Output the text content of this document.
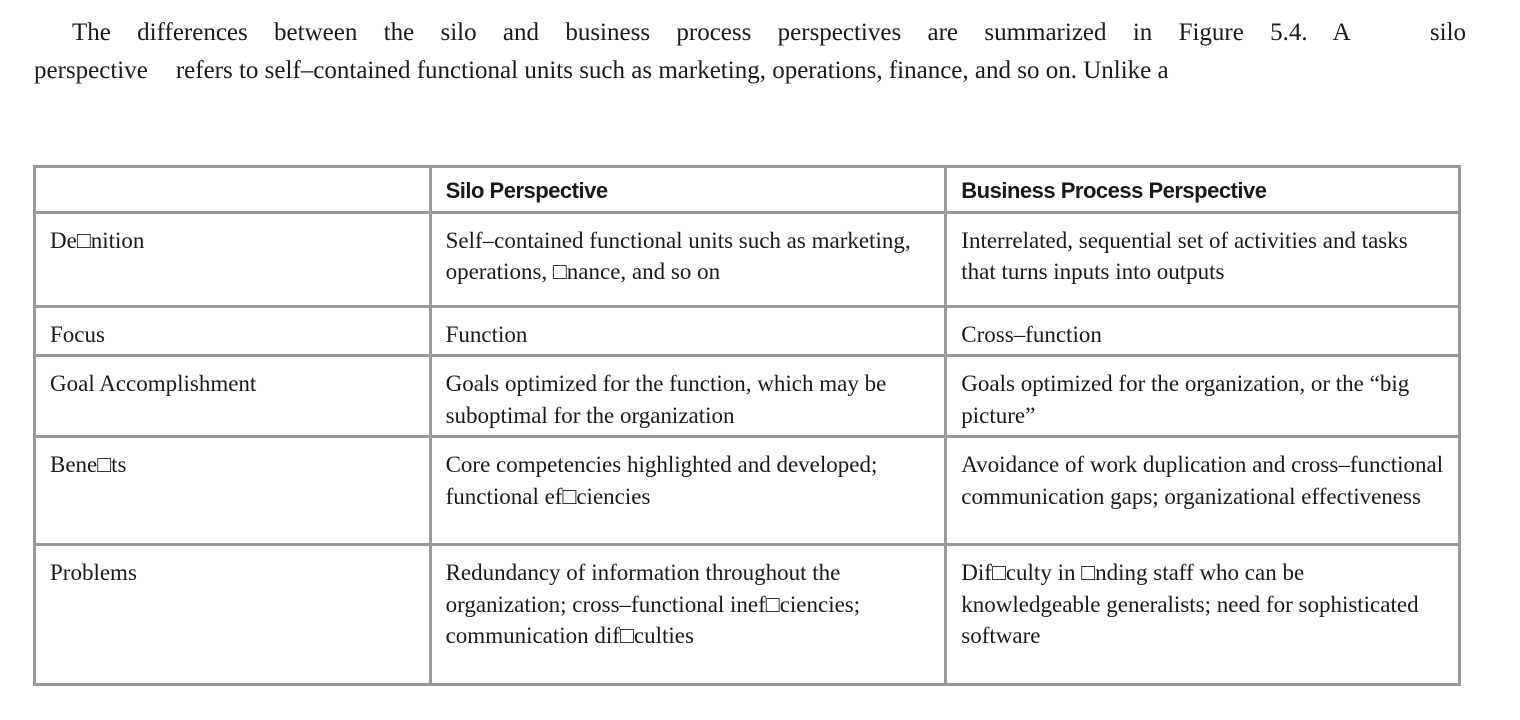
The differences between the silo and business process perspectives are summarized in Figure 5.4. A	silo
perspective refers to self–contained functional units such as marketing, operations, finance, and so on. Unlike a
	Silo Perspective	Business Process Perspective
De□nition	Self–contained functional units such as marketing, operations, □nance, and so on	Interrelated, sequential set of activities and tasks that turns inputs into outputs
Focus	Function	Cross–function
Goal Accomplishment	Goals optimized for the function, which may be suboptimal for the organization	Goals optimized for the organization, or the “big picture”
Bene□ts	Core competencies highlighted and developed; functional ef□ciencies	Avoidance of work duplication and cross–functional communication gaps; organizational effectiveness
Problems	Redundancy of information throughout the organization; cross–functional inef□ciencies; communication dif□culties	Dif□culty in □nding staff who can be knowledgeable generalists; need for sophisticated software
